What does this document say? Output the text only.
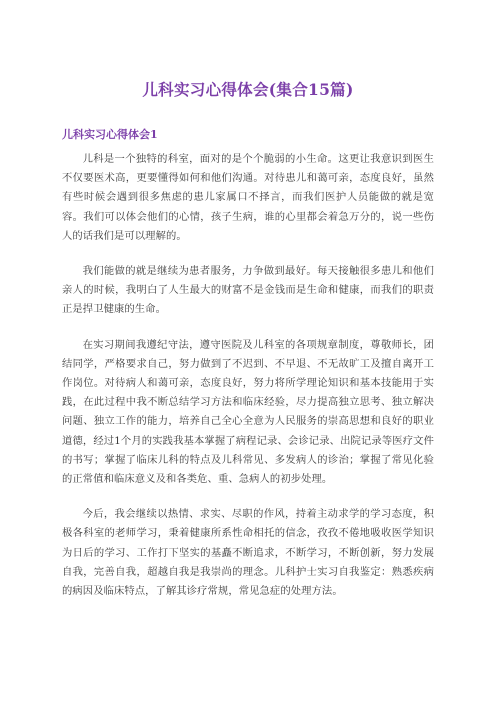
儿科实习心得体会(集合15篇)
儿科实习心得体会1

儿科是一个独特的科室，面对的是个个脆弱的小生命。这更让我意识到医生不仅要医术高，更要懂得如何和他们沟通。对待患儿和蔼可亲，态度良好，虽然有些时候会遇到很多焦虑的患儿家属口不择言，而我们医护人员能做的就是宽容。我们可以体会他们的心情，孩子生病，谁的心里都会着急万分的，说一些伤人的话我们是可以理解的。

我们能做的就是继续为患者服务，力争做到最好。每天接触很多患儿和他们亲人的时候，我明白了人生最大的财富不是金钱而是生命和健康，而我们的职责正是捍卫健康的生命。

在实习期间我遵纪守法，遵守医院及儿科室的各项规章制度，尊敬师长，团结同学，严格要求自己，努力做到了不迟到、不早退、不无故旷工及擅自离开工作岗位。对待病人和蔼可亲，态度良好，努力将所学理论知识和基本技能用于实践，在此过程中我不断总结学习方法和临床经验，尽力提高独立思考、独立解决问题、独立工作的能力，培养自己全心全意为人民服务的崇高思想和良好的职业道德，经过1个月的实践我基本掌握了病程记录、会诊记录、出院记录等医疗文件的书写；掌握了临床儿科的特点及儿科常见、多发病人的诊治；掌握了常见化验的正常值和临床意义及和各类危、重、急病人的初步处理。

今后，我会继续以热情、求实、尽职的作风，持着主动求学的学习态度，积极各科室的老师学习，秉着健康所系性命相托的信念，孜孜不倦地吸收医学知识为日后的学习、工作打下坚实的基矗不断追求，不断学习，不断创新，努力发展自我，完善自我，超越自我是我崇尚的理念。儿科护士实习自我鉴定：熟悉疾病的病因及临床特点，了解其诊疗常规，常见急症的处理方法。
